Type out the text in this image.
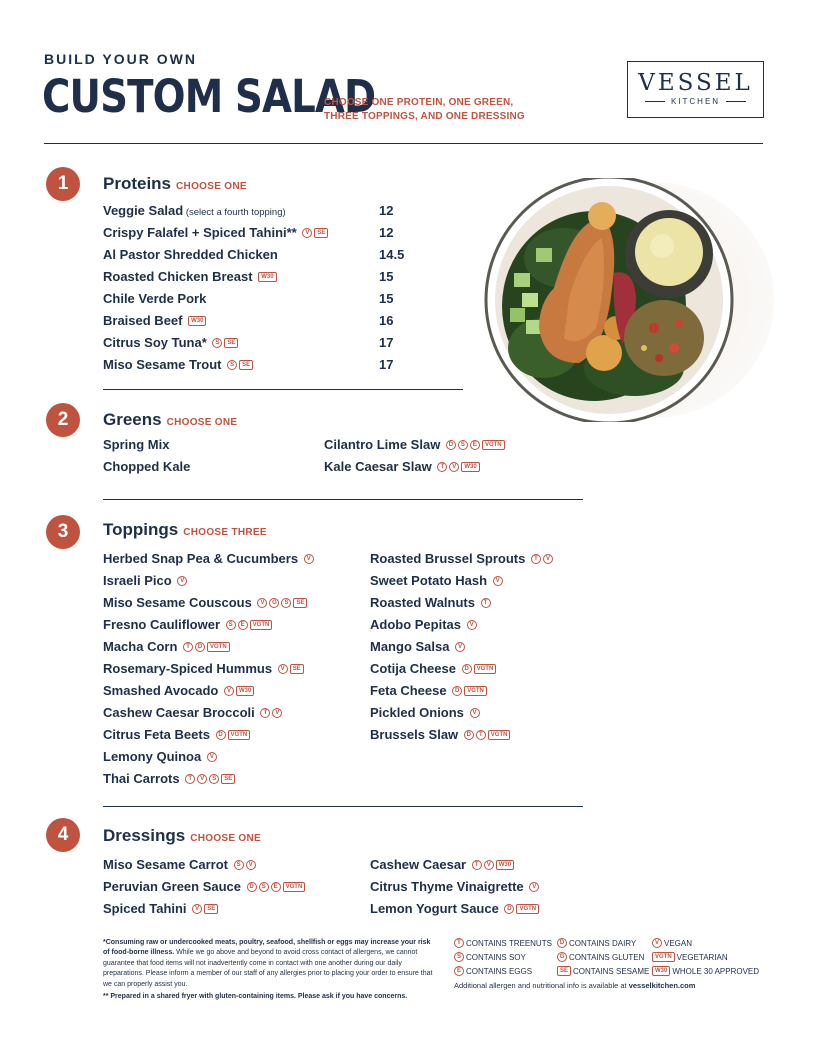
BUILD YOUR OWN
CUSTOM SALAD
CHOOSE ONE PROTEIN, ONE GREEN,
THREE TOPPINGS, AND ONE DRESSING
VESSEL
KITCHEN
1	Proteins CHOOSE ONE
Veggie Salad (select a fourth topping)	12
Crispy Falafel + Spiced Tahini** V SE	12
Al Pastor Shredded Chicken	14.5
Roasted Chicken Breast W30	15
Chile Verde Pork	15
Braised Beef W30	16
Citrus Soy Tuna* S SE	17
Miso Sesame Trout S SE	17
2	Greens CHOOSE ONE
Spring Mix
Chopped Kale
Cilantro Lime Slaw D S E VGTN
Kale Caesar Slaw T V W30
3	Toppings CHOOSE THREE
Herbed Snap Pea & Cucumbers V
Israeli Pico V
Miso Sesame Couscous V G S SE
Fresno Cauliflower S E VGTN
Macha Corn T D VGTN
Rosemary-Spiced Hummus V SE
Smashed Avocado V W30
Cashew Caesar Broccoli T V
Citrus Feta Beets D VGTN
Lemony Quinoa V
Thai Carrots T V S SE
Roasted Brussel Sprouts T V
Sweet Potato Hash V
Roasted Walnuts T
Adobo Pepitas V
Mango Salsa V
Cotija Cheese D VGTN
Feta Cheese D VGTN
Pickled Onions V
Brussels Slaw D T VGTN
4	Dressings CHOOSE ONE
Miso Sesame Carrot S V
Peruvian Green Sauce D S E VGTN
Spiced Tahini V SE
Cashew Caesar T V W30
Citrus Thyme Vinaigrette V
Lemon Yogurt Sauce D VGTN
*Consuming raw or undercooked meats, poultry, seafood, shellfish or eggs may increase your risk of food-borne illness. While we go above and beyond to avoid cross contact of allergens, we cannot guarantee that food items will not inadvertently come in contact with one another during our daily preparations. Please inform a member of our staff of any allergies prior to placing your order to ensure that we can properly assist you.
** Prepared in a shared fryer with gluten-containing items. Please ask if you have concerns.
T CONTAINS TREENUTS	D CONTAINS DAIRY	V VEGAN
S CONTAINS SOY	G CONTAINS GLUTEN	VGTN VEGETARIAN
E CONTAINS EGGS	SE CONTAINS SESAME W30 WHOLE 30 APPROVED
Additional allergen and nutritional info is available at vesselkitchen.com
